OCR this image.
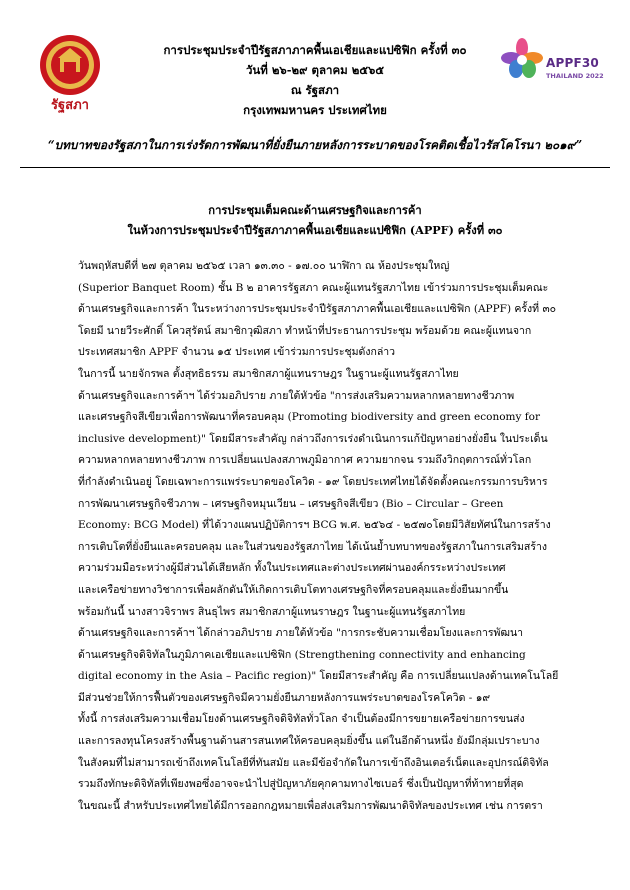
รัฐสภา
APPF30
THAILAND 2022
การประชุมประจำปีรัฐสภาภาคพื้นเอเชียและแปซิฟิก ครั้งที่ ๓๐
วันที่ ๒๖-๒๙ ตุลาคม ๒๕๖๕
ณ รัฐสภา
กรุงเทพมหานคร ประเทศไทย
“บทบาทของรัฐสภาในการเร่งรัดการพัฒนาที่ยั่งยืนภายหลังการระบาดของโรคติดเชื้อไวรัสโคโรนา ๒๐๑๙”
การประชุมเต็มคณะด้านเศรษฐกิจและการค้า
ในห้วงการประชุมประจำปีรัฐสภาภาคพื้นเอเชียและแปซิฟิก (APPF) ครั้งที่ ๓๐
วันพฤหัสบดีที่ ๒๗ ตุลาคม ๒๕๖๕ เวลา ๑๓.๓๐ - ๑๗.๐๐ นาฬิกา ณ ห้องประชุมใหญ่
(Superior Banquet Room) ชั้น B ๒ อาคารรัฐสภา คณะผู้แทนรัฐสภาไทย เข้าร่วมการประชุมเต็มคณะ
ด้านเศรษฐกิจและการค้า ในระหว่างการประชุมประจำปีรัฐสภาภาคพื้นเอเชียและแปซิฟิก (APPF) ครั้งที่ ๓๐
โดยมี นายวีระศักดิ์ โควสุรัตน์ สมาชิกวุฒิสภา ทำหน้าที่ประธานการประชุม พร้อมด้วย คณะผู้แทนจาก
ประเทศสมาชิก APPF จำนวน ๑๕ ประเทศ เข้าร่วมการประชุมดังกล่าว
ในการนี้ นายจักรพล ตั้งสุทธิธรรม สมาชิกสภาผู้แทนราษฎร ในฐานะผู้แทนรัฐสภาไทย
ด้านเศรษฐกิจและการค้าฯ ได้ร่วมอภิปราย ภายใต้หัวข้อ "การส่งเสริมความหลากหลายทางชีวภาพ
และเศรษฐกิจสีเขียวเพื่อการพัฒนาที่ครอบคลุม (Promoting biodiversity and green economy for
inclusive development)" โดยมีสาระสำคัญ กล่าวถึงการเร่งดำเนินการแก้ปัญหาอย่างยั่งยืน ในประเด็น
ความหลากหลายทางชีวภาพ การเปลี่ยนแปลงสภาพภูมิอากาศ ความยากจน รวมถึงวิกฤตการณ์ทั่วโลก
ที่กำลังดำเนินอยู่ โดยเฉพาะการแพร่ระบาดของโควิด - ๑๙ โดยประเทศไทยได้จัดตั้งคณะกรรมการบริหาร
การพัฒนาเศรษฐกิจชีวภาพ – เศรษฐกิจหมุนเวียน – เศรษฐกิจสีเขียว (Bio – Circular – Green
Economy: BCG Model) ที่ได้วางแผนปฏิบัติการฯ BCG พ.ศ. ๒๕๖๔ - ๒๕๗๐โดยมีวิสัยทัศน์ในการสร้าง
การเติบโตที่ยั่งยืนและครอบคลุม และในส่วนของรัฐสภาไทย ได้เน้นย้ำบทบาทของรัฐสภาในการเสริมสร้าง
ความร่วมมือระหว่างผู้มีส่วนได้เสียหลัก ทั้งในประเทศและต่างประเทศผ่านองค์กรระหว่างประเทศ
และเครือข่ายทางวิชาการเพื่อผลักดันให้เกิดการเติบโตทางเศรษฐกิจที่ครอบคลุมและยั่งยืนมากขึ้น
พร้อมกันนี้ นางสาวจิราพร สินธุไพร สมาชิกสภาผู้แทนราษฎร ในฐานะผู้แทนรัฐสภาไทย
ด้านเศรษฐกิจและการค้าฯ ได้กล่าวอภิปราย ภายใต้หัวข้อ "การกระชับความเชื่อมโยงและการพัฒนา
ด้านเศรษฐกิจดิจิทัลในภูมิภาคเอเชียและแปซิฟิก (Strengthening connectivity and enhancing
digital economy in the Asia – Pacific region)" โดยมีสาระสำคัญ คือ การเปลี่ยนแปลงด้านเทคโนโลยี
มีส่วนช่วยให้การฟื้นตัวของเศรษฐกิจมีความยั่งยืนภายหลังการแพร่ระบาดของโรคโควิด - ๑๙
ทั้งนี้ การส่งเสริมความเชื่อมโยงด้านเศรษฐกิจดิจิทัลทั่วโลก จำเป็นต้องมีการขยายเครือข่ายการขนส่ง
และการลงทุนโครงสร้างพื้นฐานด้านสารสนเทศให้ครอบคลุมยิ่งขึ้น แต่ในอีกด้านหนึ่ง ยังมีกลุ่มเปราะบาง
ในสังคมที่ไม่สามารถเข้าถึงเทคโนโลยีที่ทันสมัย และมีข้อจำกัดในการเข้าถึงอินเตอร์เน็ตและอุปกรณ์ดิจิทัล
รวมถึงทักษะดิจิทัลที่เพียงพอซึ่งอาจจะนำไปสู่ปัญหาภัยคุกคามทางไซเบอร์ ซึ่งเป็นปัญหาที่ท้าทายที่สุด
ในขณะนี้ สำหรับประเทศไทยได้มีการออกกฎหมายเพื่อส่งเสริมการพัฒนาดิจิทัลของประเทศ เช่น การตรา
